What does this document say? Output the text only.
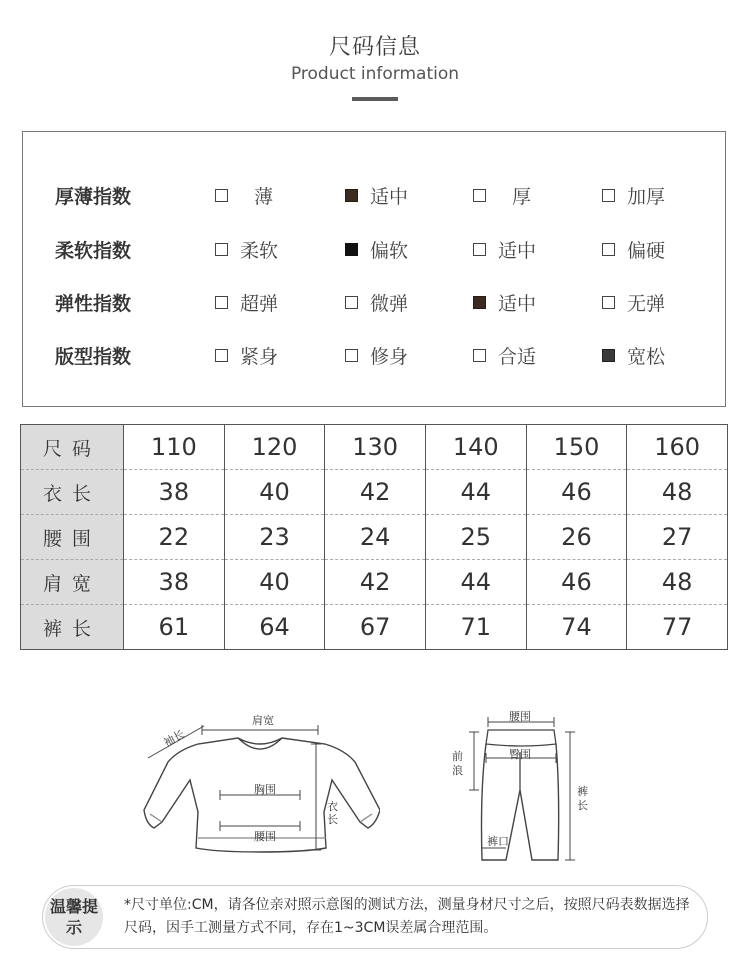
尺码信息
Product information
厚薄指数	薄	适中	厚	加厚
柔软指数	柔软	偏软	适中	偏硬
弹性指数	超弹	微弹	适中	无弹
版型指数	紧身	修身	合适	宽松
尺码	110	120	130	140	150	160
衣长	38	40	42	44	46	48
腰围	22	23	24	25	26	27
肩宽	38	40	42	44	46	48
裤长	61	64	67	71	74	77
肩宽
袖长
胸围
腰围
衣长
腰围
臀围
前浪
裤口
裤长
温馨提示
*尺寸单位:CM，请各位亲对照示意图的测试方法，测量身材尺寸之后，按照尺码表数据选择尺码，因手工测量方式不同，存在1~3CM误差属合理范围。
